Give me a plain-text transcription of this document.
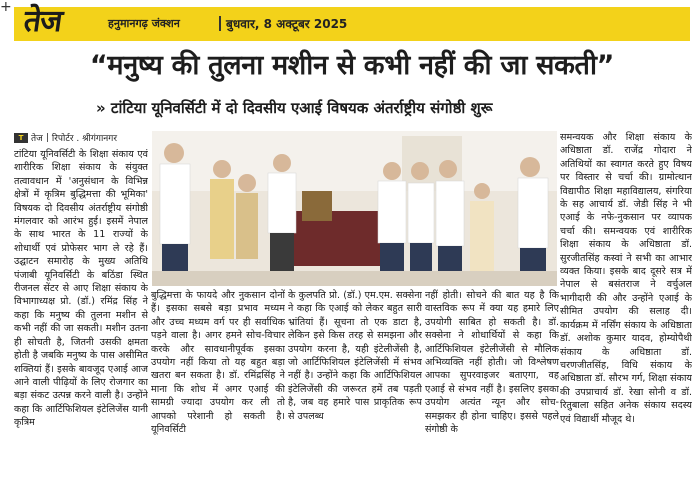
+ तेज	हनुमानगढ़ जंक्शन	बुधवार, 8 अक्टूबर 2025
“मनुष्य की तुलना मशीन से कभी नहीं की जा सकती”
» टांटिया यूनिवर्सिटी में दो दिवसीय एआई विषयक अंतर्राष्ट्रीय संगोष्ठी शुरू
T तेज | रिपोर्टर . श्रीगंगानगर

टांटिया यूनिवर्सिटी के शिक्षा संकाय एवं शारीरिक शिक्षा संकाय के संयुक्त तत्वावधान में 'अनुसंधान के विभिन्न क्षेत्रों में कृत्रिम बुद्धिमत्ता की भूमिका' विषयक दो दिवसीय अंतर्राष्ट्रीय संगोष्ठी मंगलवार को आरंभ हुई। इसमें नेपाल के साथ भारत के 11 राज्यों के शोधार्थी एवं प्रोफेसर भाग ले रहे हैं। उद्घाटन समारोह के मुख्य अतिथि पंजाबी यूनिवर्सिटी के बठिंडा स्थित रीजनल सेंटर से आए शिक्षा संकाय के विभागाध्यक्ष प्रो. (डॉ.) रमिंद्र सिंह ने कहा कि मनुष्य की तुलना मशीन से कभी नहीं की जा सकती। मशीन उतना ही सोचती है, जितनी उसकी क्षमता होती है जबकि मनुष्य के पास असीमित शक्तियां हैं। इसके बावजूद एआई आज आने वाली पीढ़ियों के लिए रोजगार का बड़ा संकट उत्पन्न करने वाली है। उन्होंने कहा कि आर्टिफिशियल इंटेलिजेंस यानी कृत्रिम

बुद्धिमत्ता के फायदे और नुकसान दोनों हैं। इसका सबसे बड़ा प्रभाव मध्यम और उच्च मध्यम वर्ग पर ही सर्वाधिक पड़ने वाला है। अगर हमने सोच-विचार करके और सावधानीपूर्वक इसका उपयोग नहीं किया तो यह बहुत बड़ा खतरा बन सकता है। डॉ. रमिंद्रसिंह ने माना कि शोध में अगर एआई की सामग्री ज्यादा उपयोग कर ली तो आपको परेशानी हो सकती है। यूनिवर्सिटी

के कुलपति प्रो. (डॉ.) एम.एम. सक्सेना ने कहा कि एआई को लेकर बहुत सारी भ्रांतियां हैं। सूचना तो एक डाटा है, लेकिन इसे किस तरह से समझना और उपयोग करना है, यही इंटेलीजेंसी है, जो आर्टिफिशियल इंटेलिजेंसी में संभव नहीं है। उन्होंने कहा कि आर्टिफिशियल इंटेलिजेंसी की जरूरत हमें तब पड़ती है, जब वह हमारे पास प्राकृतिक रूप से उपलब्ध

नहीं होती। सोचने की बात यह है कि वास्तविक रूप में क्या यह हमारे लिए उपयोगी साबित हो सकती है। डॉ. सक्सेना ने शोधार्थियों से कहा कि आर्टिफिशियल इंटेलीजेंसी से मौलिक अभिव्यक्ति नहीं होती। जो विश्लेषण आपका सुपरवाइजर बताएगा, वह एआई से संभव नहीं है। इसलिए इसका उपयोग अत्यंत न्यून और सोच-समझकर ही होना चाहिए। इससे पहले संगोष्ठी के

समन्वयक और शिक्षा संकाय के अधिष्ठाता डॉ. राजेंद्र गोदारा ने अतिथियों का स्वागत करते हुए विषय पर विस्तार से चर्चा की। ग्रामोत्थान विद्यापीठ शिक्षा महाविद्यालय, संगरिया के सह आचार्य डॉ. जेडी सिंह ने भी एआई के नफे-नुकसान पर व्यापक चर्चा की। समन्वयक एवं शारीरिक शिक्षा संकाय के अधिष्ठाता डॉ. सुरजीतसिंह कस्वां ने सभी का आभार व्यक्त किया। इसके बाद दूसरे सत्र में नेपाल से बसंतराज ने वर्चुअल भागीदारी की और उन्होंने एआई के सीमित उपयोग की सलाह दी। कार्यक्रम में नर्सिंग संकाय के अधिष्ठाता डॉ. अशोक कुमार यादव, होम्योपैथी संकाय के अधिष्ठाता डॉ. चरणजीतसिंह, विधि संकाय के अधिष्ठाता डॉ. सौरभ गर्ग, शिक्षा संकाय की उपप्राचार्य डॉ. रेखा सोनी व डॉ. रितुबाला सहित अनेक संकाय सदस्य एवं विद्यार्थी मौजूद थे।
